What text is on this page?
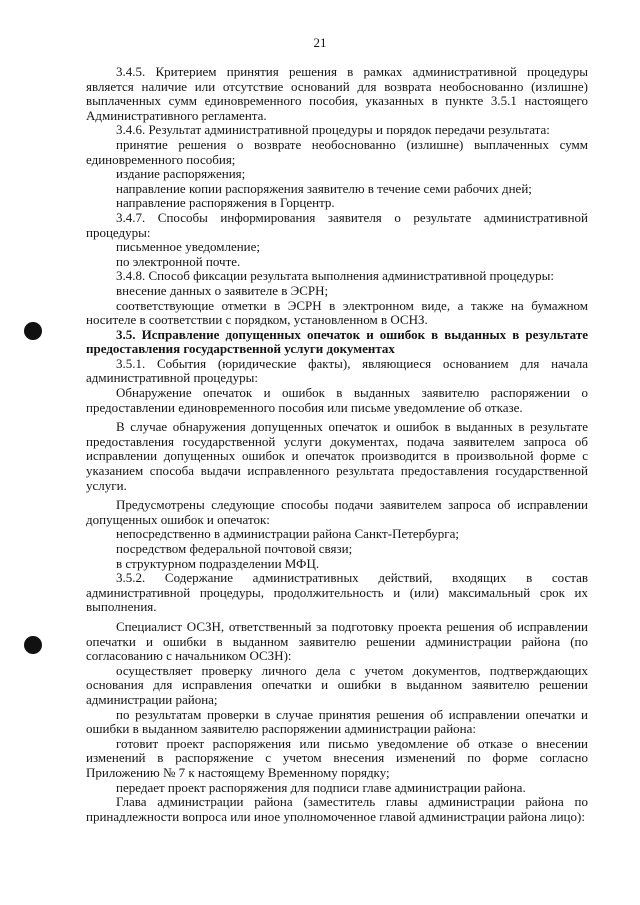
21

3.4.5. Критерием принятия решения в рамках административной процедуры является наличие или отсутствие оснований для возврата необоснованно (излишне) выплаченных сумм единовременного пособия, указанных в пункте 3.5.1 настоящего Административного регламента.

3.4.6. Результат административной процедуры и порядок передачи результата:

принятие решения о возврате необоснованно (излишне) выплаченных сумм единовременного пособия;

издание распоряжения;

направление копии распоряжения заявителю в течение семи рабочих дней;

направление распоряжения в Горцентр.

3.4.7. Способы информирования заявителя о результате административной процедуры:

письменное уведомление;

по электронной почте.

3.4.8. Способ фиксации результата выполнения административной процедуры:

внесение данных о заявителе в ЭСРН;

соответствующие отметки в ЭСРН в электронном виде, а также на бумажном носителе в соответствии с порядком, установленном в ОСНЗ.

3.5. Исправление допущенных опечаток и ошибок в выданных в результате предоставления государственной услуги документах

3.5.1. События (юридические факты), являющиеся основанием для начала административной процедуры:

Обнаружение опечаток и ошибок в выданных заявителю распоряжении о предоставлении единовременного пособия или письме уведомление об отказе.

В случае обнаружения допущенных опечаток и ошибок в выданных в результате предоставления государственной услуги документах, подача заявителем запроса об исправлении допущенных ошибок и опечаток производится в произвольной форме с указанием способа выдачи исправленного результата предоставления государственной услуги.

Предусмотрены следующие способы подачи заявителем запроса об исправлении допущенных ошибок и опечаток:

непосредственно в администрации района Санкт-Петербурга;

посредством федеральной почтовой связи;

в структурном подразделении МФЦ.

3.5.2. Содержание административных действий, входящих в состав административной процедуры, продолжительность и (или) максимальный срок их выполнения.

Специалист ОСЗН, ответственный за подготовку проекта решения об исправлении опечатки и ошибки в выданном заявителю решении администрации района (по согласованию с начальником ОСЗН):

осуществляет проверку личного дела с учетом документов, подтверждающих основания для исправления опечатки и ошибки в выданном заявителю решении администрации района;

по результатам проверки в случае принятия решения об исправлении опечатки и ошибки в выданном заявителю распоряжении администрации района:

готовит проект распоряжения или письмо уведомление об отказе о внесении изменений в распоряжение с учетом внесения изменений по форме согласно Приложению № 7 к настоящему Временному порядку;

передает проект распоряжения для подписи главе администрации района.

Глава администрации района (заместитель главы администрации района по принадлежности вопроса или иное уполномоченное главой администрации района лицо):
